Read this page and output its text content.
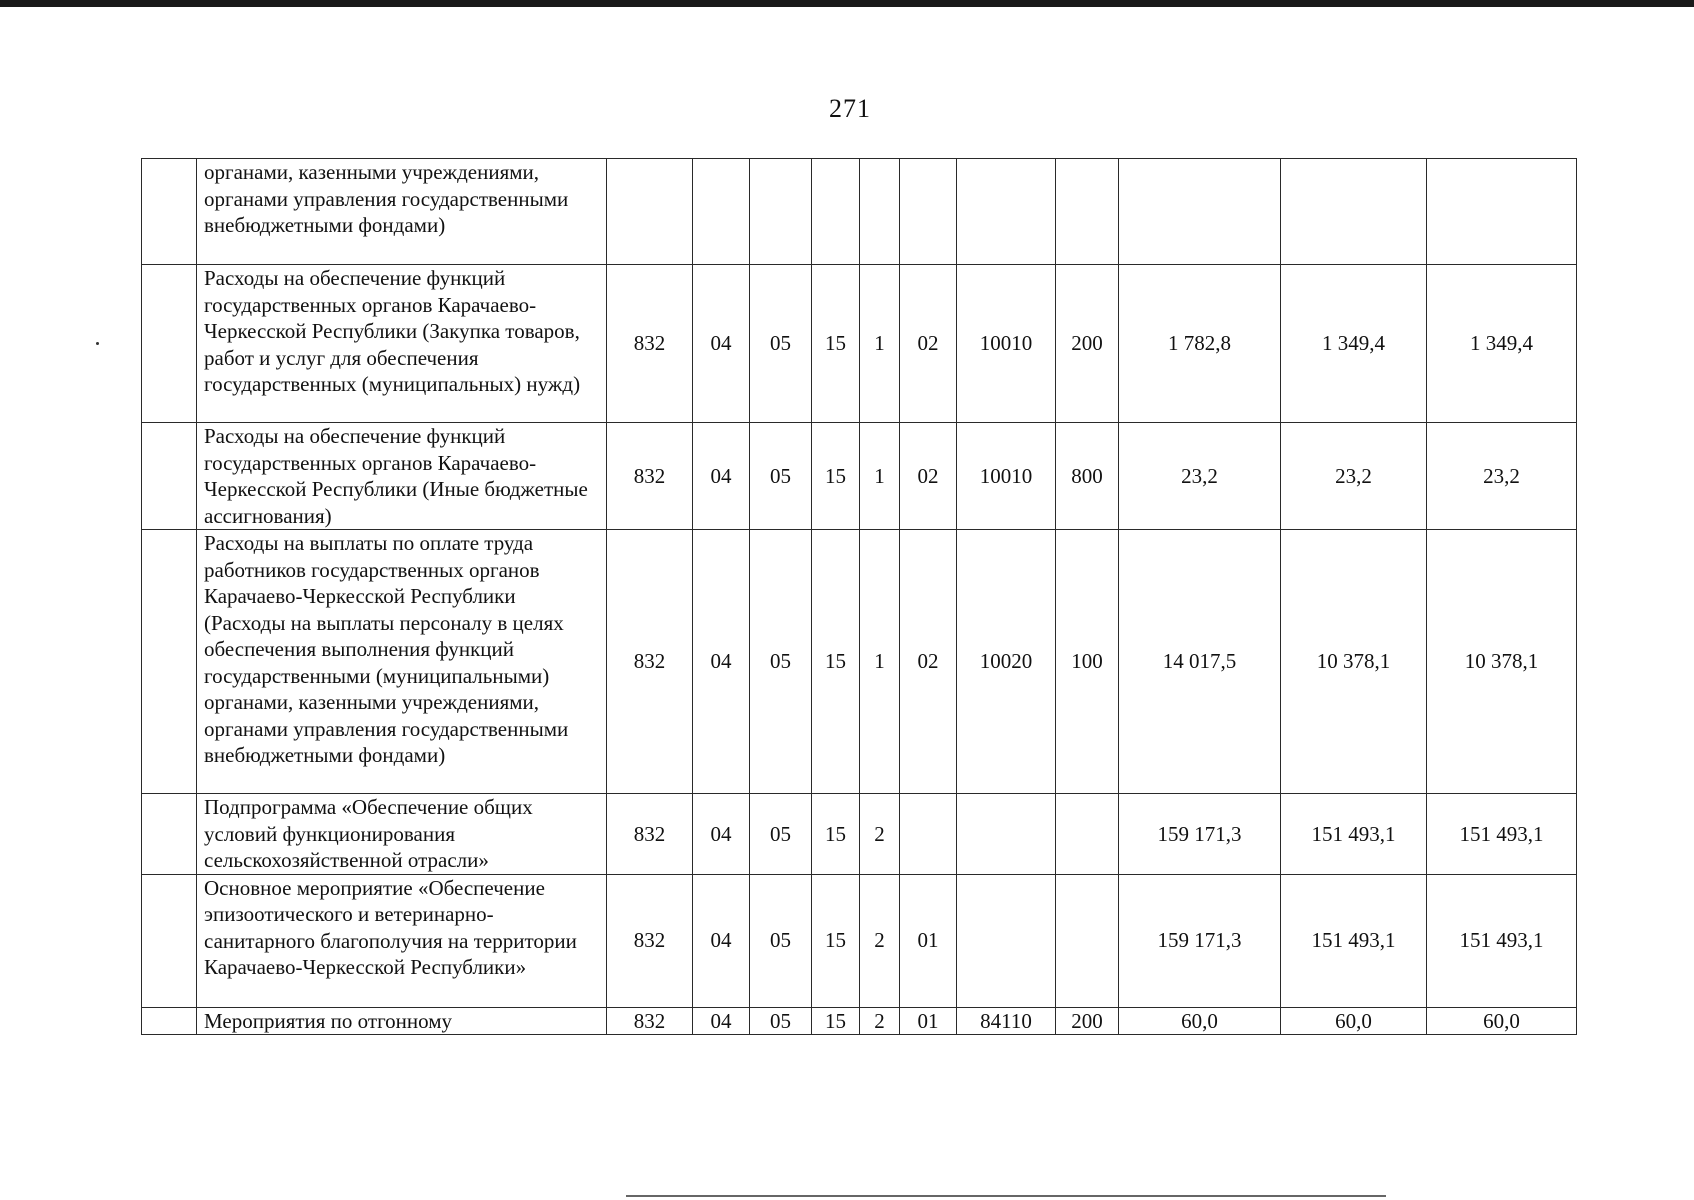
271
	органами, казенными учреждениями, органами управления государственными внебюджетными фондами)											
	Расходы на обеспечение функций государственных органов Карачаево-Черкесской Республики (Закупка товаров, работ и услуг для обеспечения государственных (муниципальных) нужд)	832	04	05	15	1	02	10010	200	1 782,8	1 349,4	1 349,4
	Расходы на обеспечение функций государственных органов Карачаево-Черкесской Республики (Иные бюджетные ассигнования)	832	04	05	15	1	02	10010	800	23,2	23,2	23,2
	Расходы на выплаты по оплате труда работников государственных органов Карачаево-Черкесской Республики (Расходы на выплаты персоналу в целях обеспечения выполнения функций государственными (муниципальными) органами, казенными учреждениями, органами управления государственными внебюджетными фондами)	832	04	05	15	1	02	10020	100	14 017,5	10 378,1	10 378,1
	Подпрограмма «Обеспечение общих условий функционирования сельскохозяйственной отрасли»	832	04	05	15	2				159 171,3	151 493,1	151 493,1
	Основное мероприятие «Обеспечение эпизоотического и ветеринарно-санитарного благополучия на территории Карачаево-Черкесской Республики»	832	04	05	15	2	01			159 171,3	151 493,1	151 493,1
	Мероприятия по отгонному	832	04	05	15	2	01	84110	200	60,0	60,0	60,0
